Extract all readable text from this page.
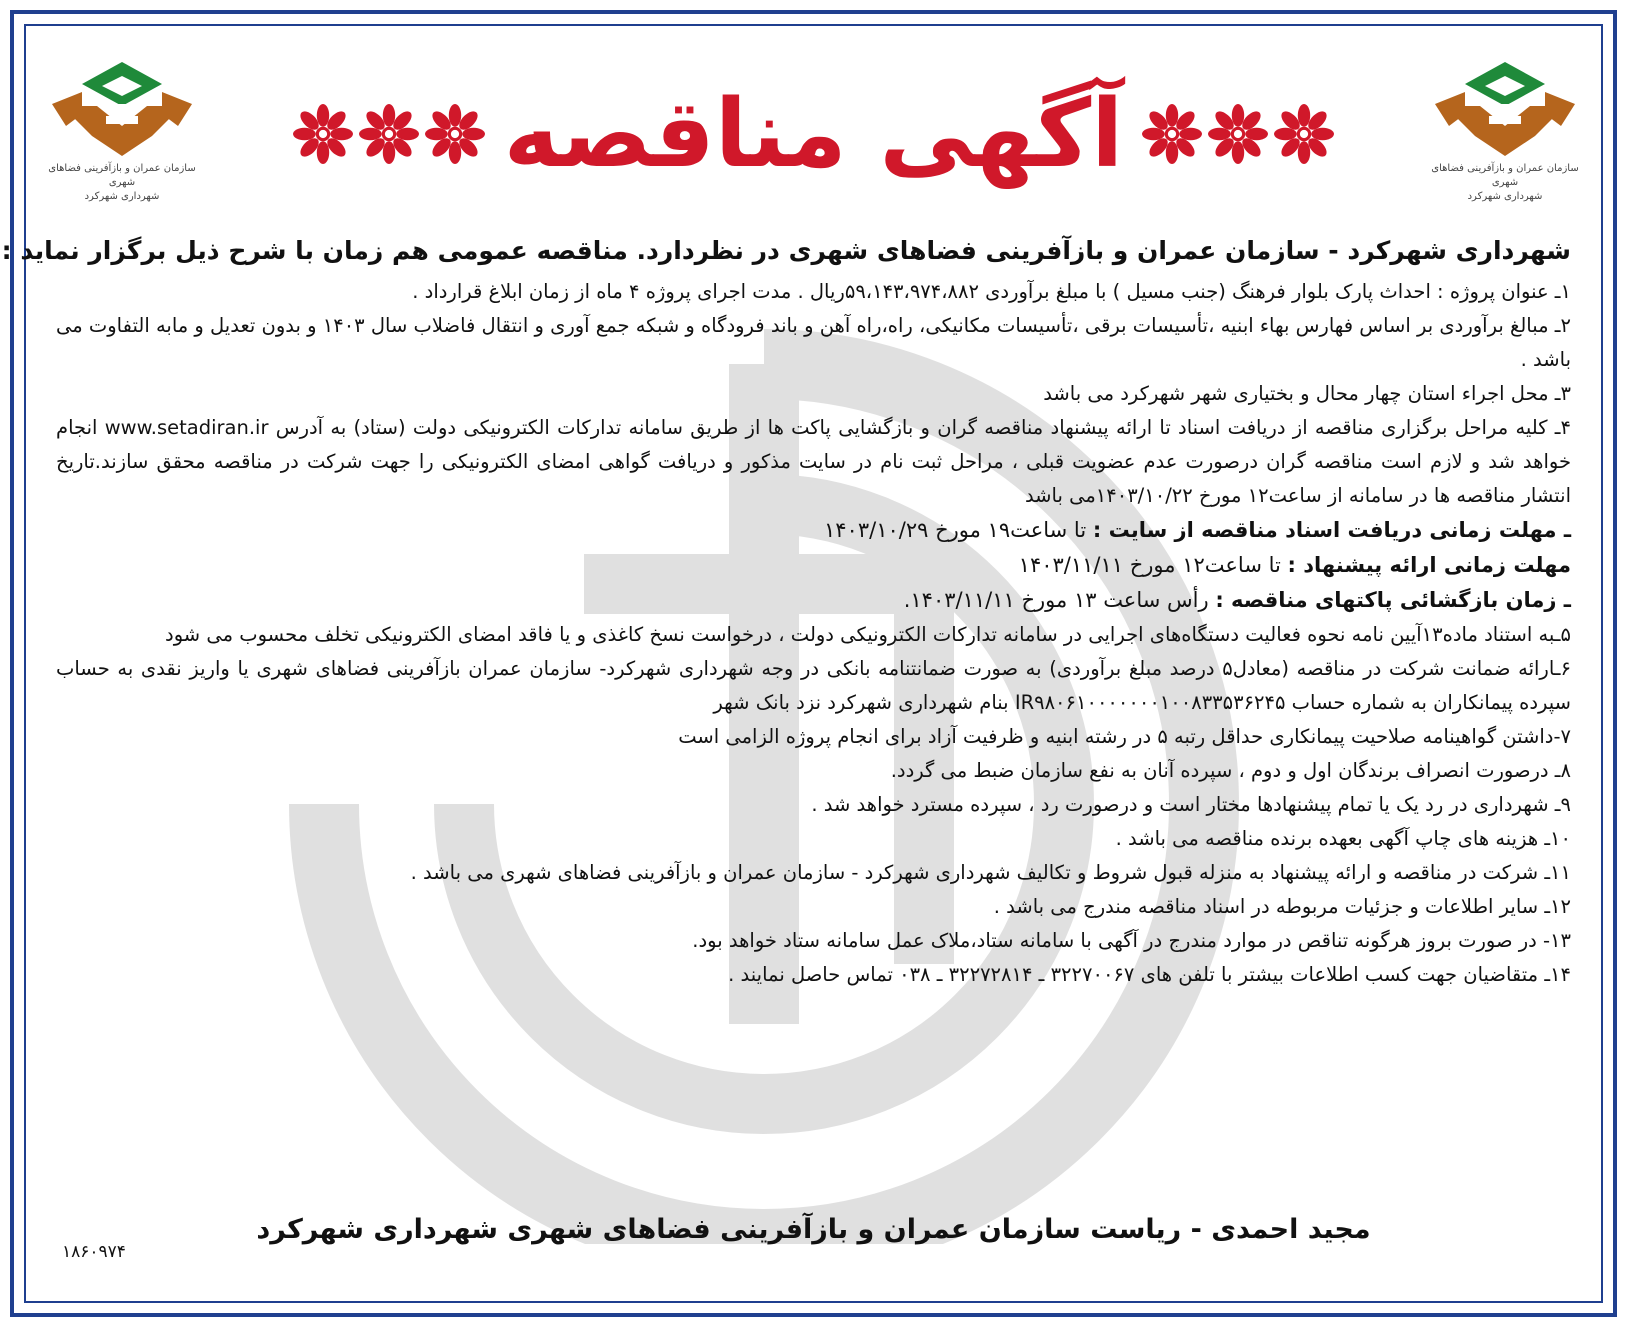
سازمان عمران و بازآفرینی فضاهای شهری
شهرداری شهرکرد
سازمان عمران و بازآفرینی فضاهای شهری
شهرداری شهرکرد
آگهی مناقصه

شهرداری شهرکرد - سازمان عمران و بازآفرینی فضاهای شهری در نظردارد. مناقصه عمومی هم زمان با شرح ذیل برگزار نماید :

۱ـ عنوان پروژه : احداث پارک بلوار فرهنگ (جنب مسیل ) با مبلغ برآوردی ۵۹،۱۴۳،۹۷۴،۸۸۲ریال . مدت اجرای پروژه ۴ ماه از زمان ابلاغ قرارداد .

۲ـ مبالغ برآوردی بر اساس فهارس بهاء ابنیه ،تأسیسات برقی ،تأسیسات مکانیکی، راه،راه آهن و باند فرودگاه و شبکه جمع آوری و انتقال فاضلاب سال ۱۴۰۳ و بدون تعدیل و مابه التفاوت می باشد .

۳ـ محل اجراء استان چهار محال و بختیاری شهر شهرکرد می باشد

۴ـ کلیه مراحل برگزاری مناقصه از دریافت اسناد تا ارائه پیشنهاد مناقصه گران و بازگشایی پاکت ها از طریق سامانه تدارکات الکترونیکی دولت (ستاد) به آدرس www.setadiran.ir انجام خواهد شد و لازم است مناقصه گران درصورت عدم عضویت قبلی ، مراحل ثبت نام در سایت مذکور و دریافت گواهی امضای الکترونیکی را جهت شرکت در مناقصه محقق سازند.تاریخ انتشار مناقصه ها در سامانه از ساعت۱۲ مورخ ۱۴۰۳/۱۰/۲۲می باشد

ـ مهلت زمانی دریافت اسناد مناقصه از سایت : تا ساعت۱۹ مورخ ۱۴۰۳/۱۰/۲۹

مهلت زمانی ارائه پیشنهاد : تا ساعت۱۲ مورخ ۱۴۰۳/۱۱/۱۱

ـ زمان بازگشائی پاکتهای مناقصه : رأس ساعت ۱۳ مورخ ۱۴۰۳/۱۱/۱۱.

۵ـبه استناد ماده۱۳آیین نامه نحوه فعالیت دستگاه‌های اجرایی در سامانه تدارکات الکترونیکی دولت ، درخواست نسخ کاغذی و یا فاقد امضای الکترونیکی تخلف محسوب می شود

۶ـارائه ضمانت شرکت در مناقصه (معادل۵ درصد مبلغ برآوردی) به صورت ضمانتنامه بانکی در وجه شهرداری شهرکرد- سازمان عمران بازآفرینی فضاهای شهری یا واریز نقدی به حساب سپرده پیمانکاران به شماره حساب IR۹۸۰۶۱۰۰۰۰۰۰۰۱۰۰۸۳۳۵۳۶۲۴۵ بنام شهرداری شهرکرد نزد بانک شهر

۷-داشتن گواهینامه صلاحیت پیمانکاری حداقل رتبه ۵ در رشته ابنیه و ظرفیت آزاد برای انجام پروژه الزامی است

۸ـ درصورت انصراف برندگان اول و دوم ، سپرده آنان به نفع سازمان ضبط می گردد.

۹ـ شهرداری در رد یک یا تمام پیشنهادها مختار است و درصورت رد ، سپرده مسترد خواهد شد .

۱۰ـ هزینه های چاپ آگهی بعهده برنده مناقصه می باشد .

۱۱ـ شرکت در مناقصه و ارائه پیشنهاد به منزله قبول شروط و تکالیف شهرداری شهرکرد - سازمان عمران و بازآفرینی فضاهای شهری می باشد .

۱۲ـ سایر اطلاعات و جزئیات مربوطه در اسناد مناقصه مندرج می باشد .

۱۳- در صورت بروز هرگونه تناقص در موارد مندرج در آگهی با سامانه ستاد،ملاک عمل سامانه ستاد خواهد بود.

۱۴ـ متقاضیان جهت کسب اطلاعات بیشتر با تلفن های ۳۲۲۷۰۰۶۷ ـ ۳۲۲۷۲۸۱۴ ـ ۰۳۸ تماس حاصل نمایند .

مجید احمدی - ریاست سازمان عمران و بازآفرینی فضاهای شهری شهرداری شهرکرد
۱۸۶۰۹۷۴
